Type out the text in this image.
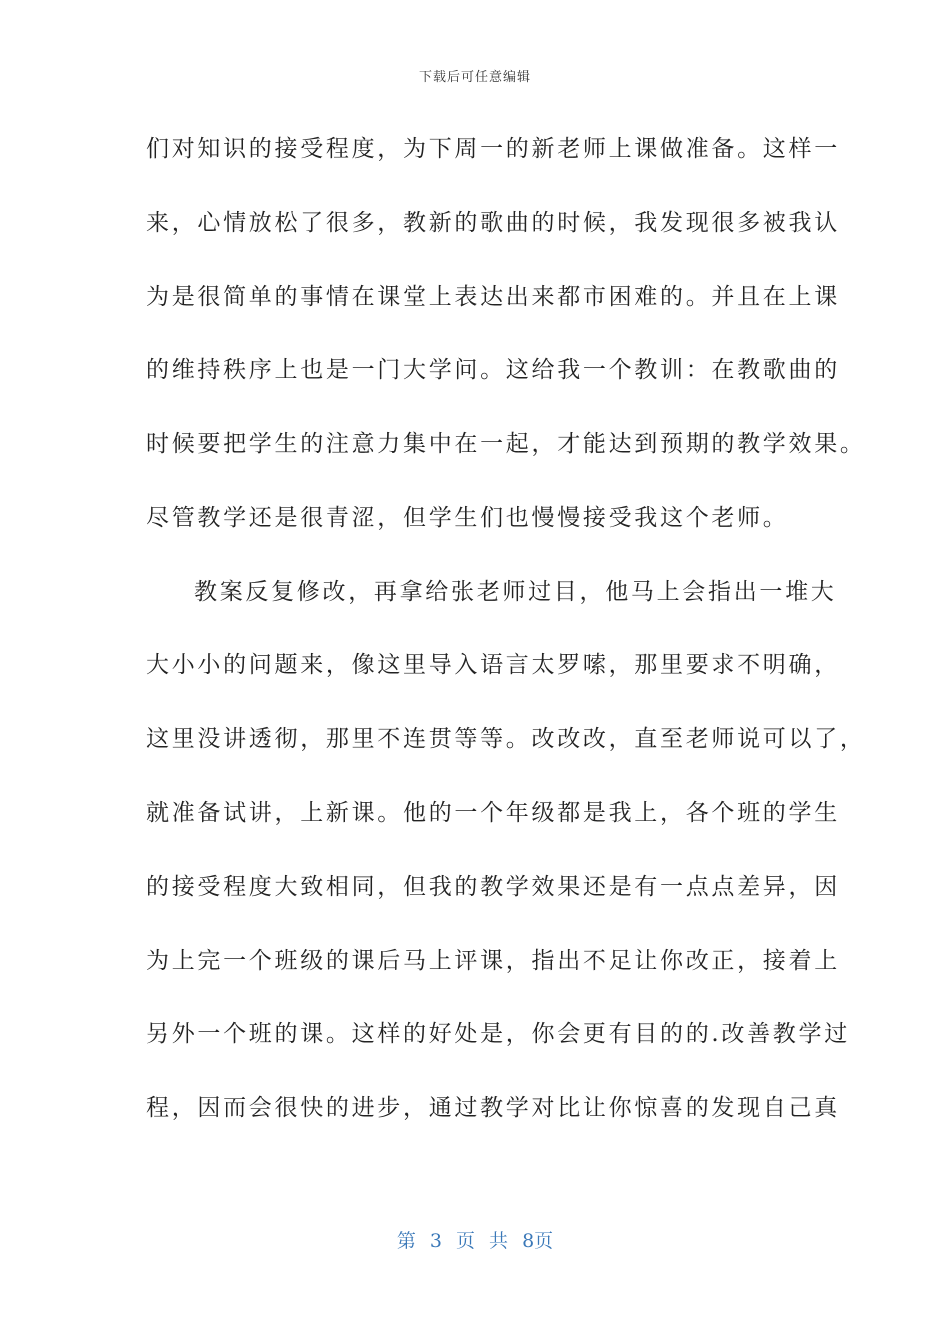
下载后可任意编辑
们对知识的接受程度，为下周一的新老师上课做准备。这样一
来，心情放松了很多，教新的歌曲的时候，我发现很多被我认
为是很简单的事情在课堂上表达出来都市困难的。并且在上课
的维持秩序上也是一门大学问。这给我一个教训：在教歌曲的
时候要把学生的注意力集中在一起，才能达到预期的教学效果。
尽管教学还是很青涩，但学生们也慢慢接受我这个老师。
教案反复修改，再拿给张老师过目，他马上会指出一堆大
大小小的问题来，像这里导入语言太罗嗦，那里要求不明确，
这里没讲透彻，那里不连贯等等。改改改，直至老师说可以了，
就准备试讲，上新课。他的一个年级都是我上，各个班的学生
的接受程度大致相同，但我的教学效果还是有一点点差异，因
为上完一个班级的课后马上评课，指出不足让你改正，接着上
另外一个班的课。这样的好处是，你会更有目的的.改善教学过
程，因而会很快的进步，通过教学对比让你惊喜的发现自己真
第 3 页 共 8页
